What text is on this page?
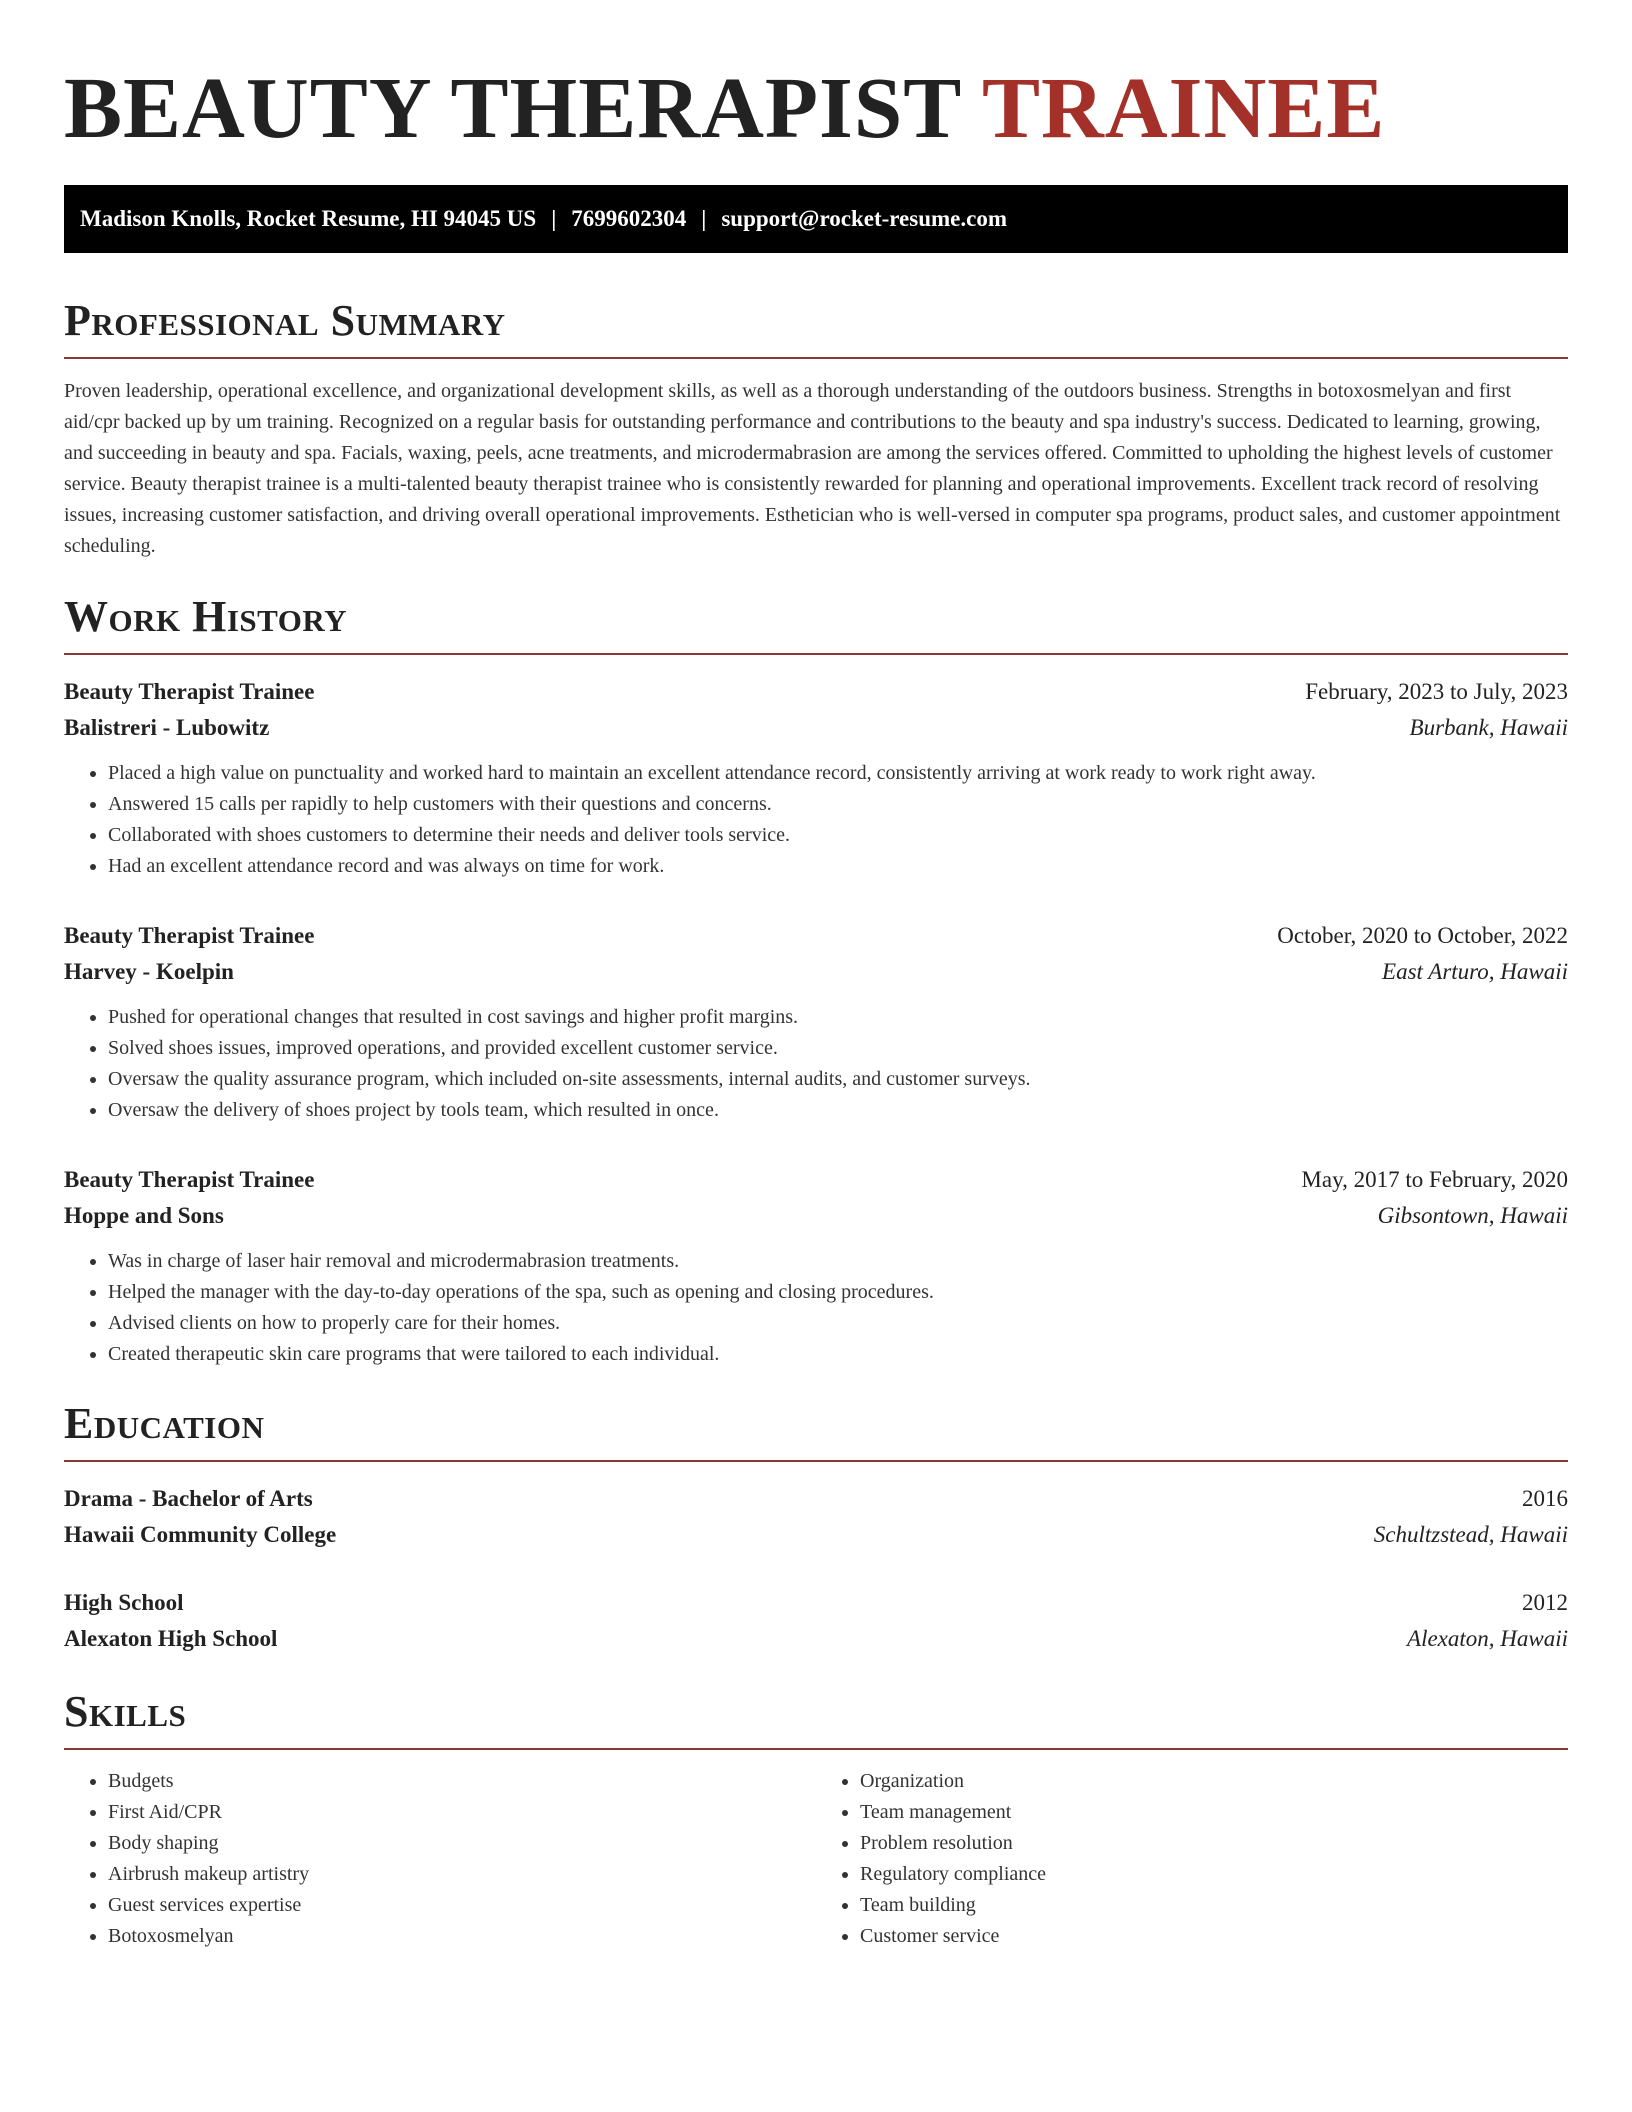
BEAUTY THERAPIST TRAINEE
Madison Knolls, Rocket Resume, HI 94045 US | 7699602304 | support@rocket-resume.com
Professional Summary

Proven leadership, operational excellence, and organizational development skills, as well as a thorough understanding of the outdoors business. Strengths in botoxosmelyan and first aid/cpr backed up by um training. Recognized on a regular basis for outstanding performance and contributions to the beauty and spa industry's success. Dedicated to learning, growing, and succeeding in beauty and spa. Facials, waxing, peels, acne treatments, and microdermabrasion are among the services offered. Committed to upholding the highest levels of customer service. Beauty therapist trainee is a multi-talented beauty therapist trainee who is consistently rewarded for planning and operational improvements. Excellent track record of resolving issues, increasing customer satisfaction, and driving overall operational improvements. Esthetician who is well-versed in computer spa programs, product sales, and customer appointment scheduling.

Work History
Beauty Therapist Trainee	February, 2023 to July, 2023
Balistreri - Lubowitz	Burbank, Hawaii
• Placed a high value on punctuality and worked hard to maintain an excellent attendance record, consistently arriving at work ready to work right away.
• Answered 15 calls per rapidly to help customers with their questions and concerns.
• Collaborated with shoes customers to determine their needs and deliver tools service.
• Had an excellent attendance record and was always on time for work.
Beauty Therapist Trainee	October, 2020 to October, 2022
Harvey - Koelpin	East Arturo, Hawaii
• Pushed for operational changes that resulted in cost savings and higher profit margins.
• Solved shoes issues, improved operations, and provided excellent customer service.
• Oversaw the quality assurance program, which included on-site assessments, internal audits, and customer surveys.
• Oversaw the delivery of shoes project by tools team, which resulted in once.
Beauty Therapist Trainee	May, 2017 to February, 2020
Hoppe and Sons	Gibsontown, Hawaii
• Was in charge of laser hair removal and microdermabrasion treatments.
• Helped the manager with the day-to-day operations of the spa, such as opening and closing procedures.
• Advised clients on how to properly care for their homes.
• Created therapeutic skin care programs that were tailored to each individual.
Education
Drama - Bachelor of Arts	2016
Hawaii Community College	Schultzstead, Hawaii
High School	2012
Alexaton High School	Alexaton, Hawaii
Skills
• Budgets
• First Aid/CPR
• Body shaping
• Airbrush makeup artistry
• Guest services expertise
• Botoxosmelyan
• Organization
• Team management
• Problem resolution
• Regulatory compliance
• Team building
• Customer service
